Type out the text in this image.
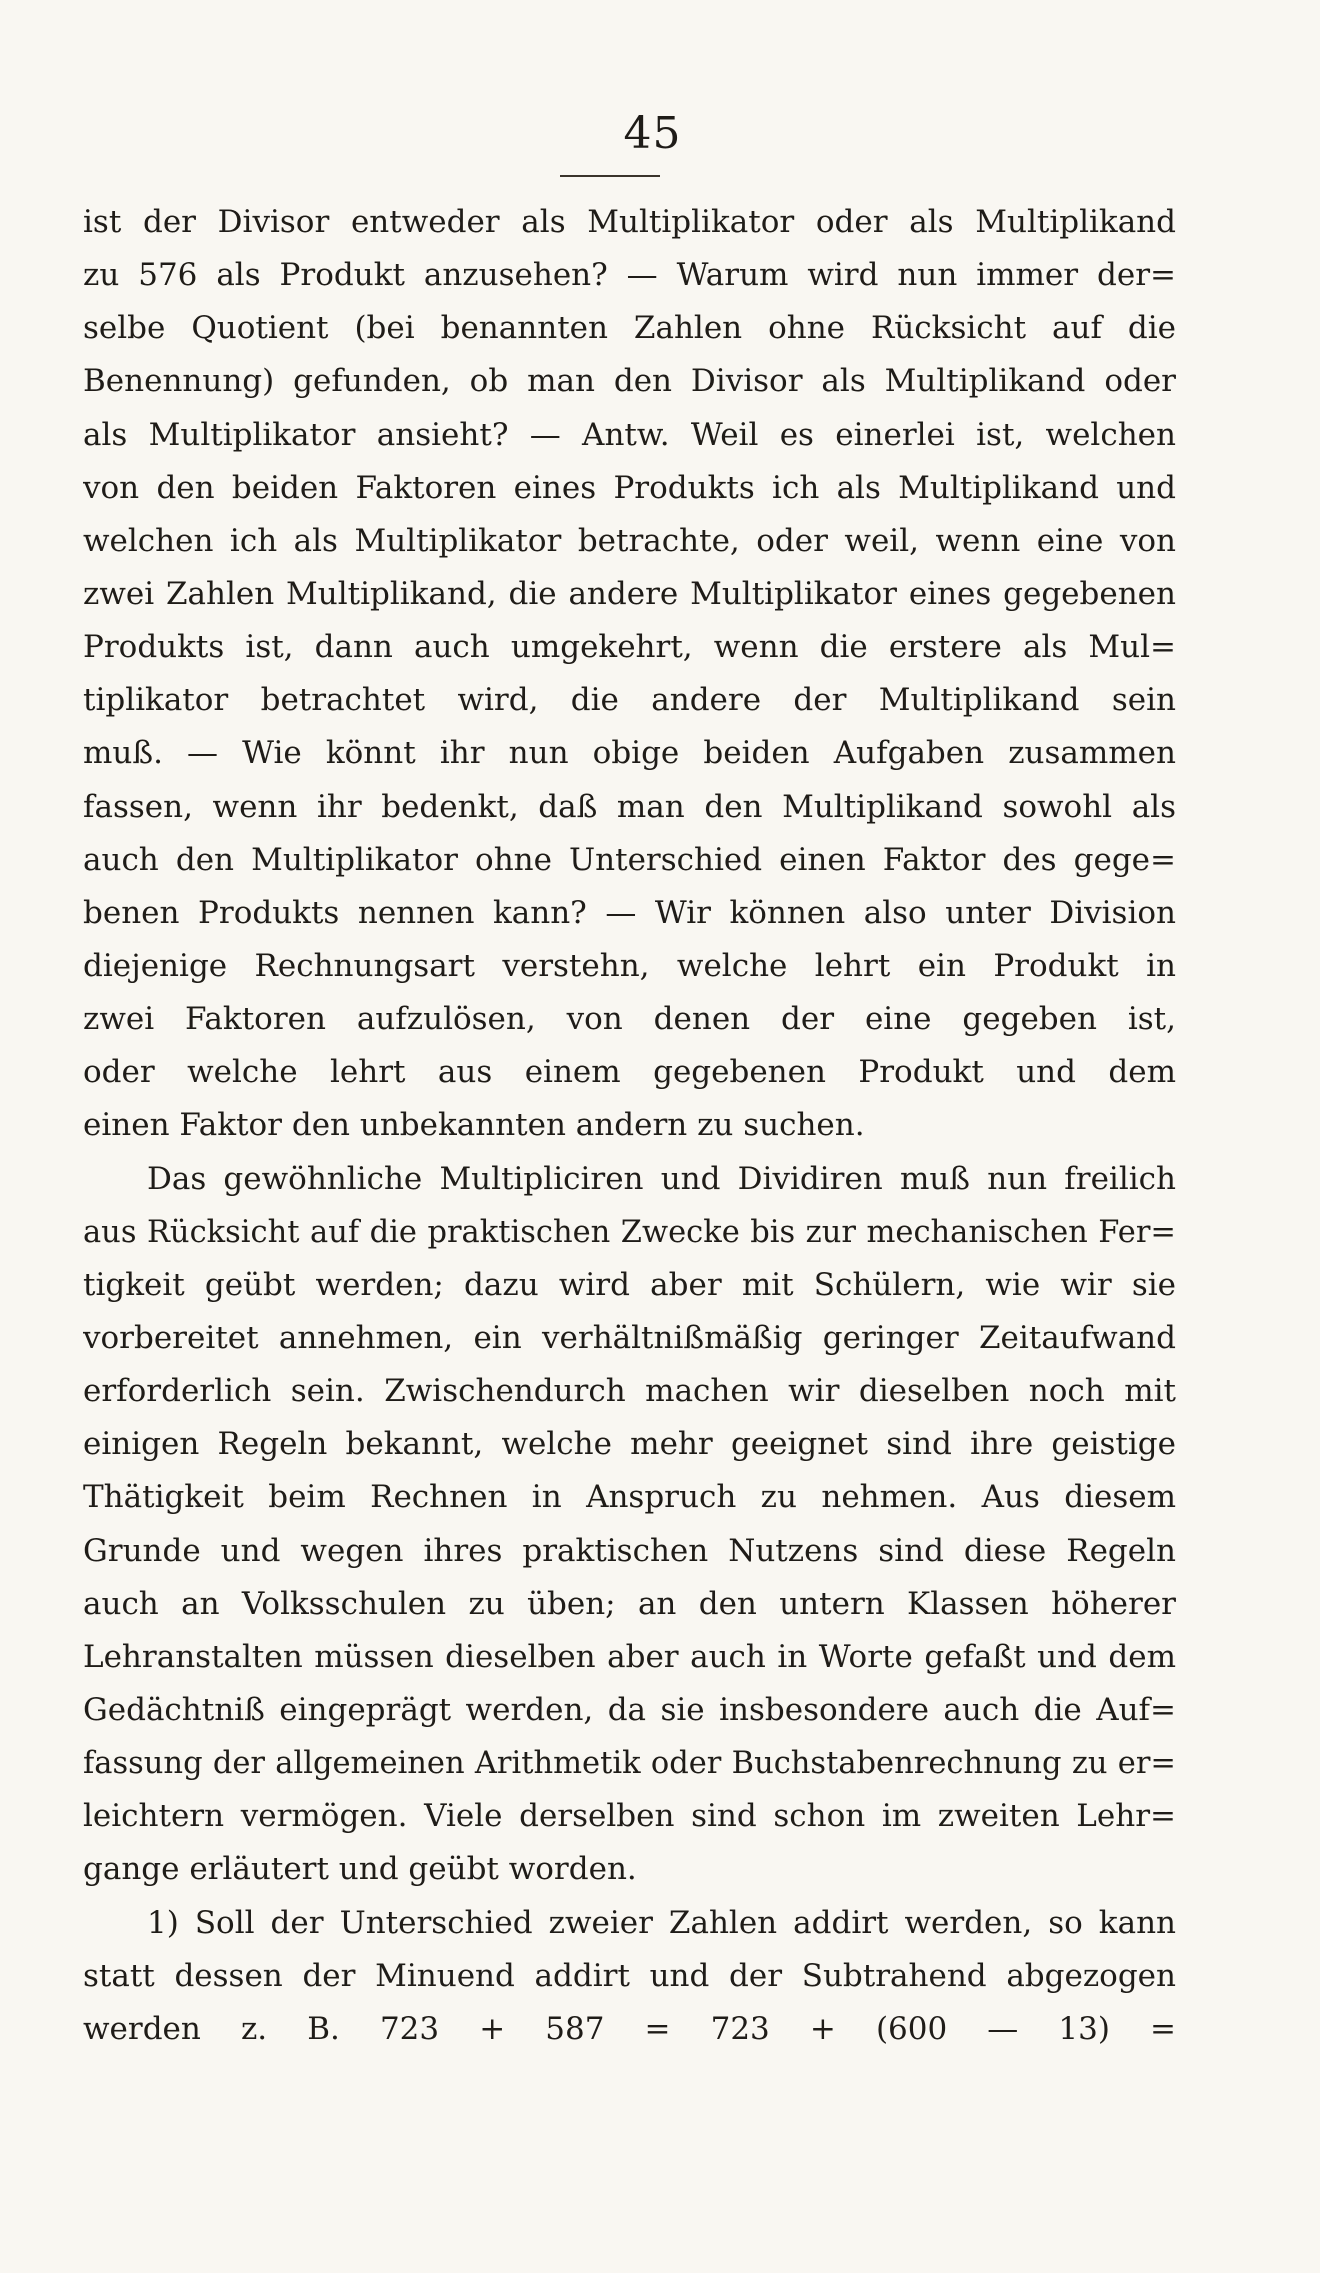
45
ist der Divisor entweder als Multiplikator oder als Multiplikand
zu 576 als Produkt anzusehen? — Warum wird nun immer der=
selbe Quotient (bei benannten Zahlen ohne Rücksicht auf die
Benennung) gefunden, ob man den Divisor als Multiplikand oder
als Multiplikator ansieht? — Antw. Weil es einerlei ist, welchen
von den beiden Faktoren eines Produkts ich als Multiplikand und
welchen ich als Multiplikator betrachte, oder weil, wenn eine von
zwei Zahlen Multiplikand, die andere Multiplikator eines gegebenen
Produkts ist, dann auch umgekehrt, wenn die erstere als Mul=
tiplikator betrachtet wird, die andere der Multiplikand sein
muß. — Wie könnt ihr nun obige beiden Aufgaben zusammen
fassen, wenn ihr bedenkt, daß man den Multiplikand sowohl als
auch den Multiplikator ohne Unterschied einen Faktor des gege=
benen Produkts nennen kann? — Wir können also unter Division
diejenige Rechnungsart verstehn, welche lehrt ein Produkt in
zwei Faktoren aufzulösen, von denen der eine gegeben ist,
oder welche lehrt aus einem gegebenen Produkt und dem
einen Faktor den unbekannten andern zu suchen.
Das gewöhnliche Multipliciren und Dividiren muß nun freilich
aus Rücksicht auf die praktischen Zwecke bis zur mechanischen Fer=
tigkeit geübt werden; dazu wird aber mit Schülern, wie wir sie
vorbereitet annehmen, ein verhältnißmäßig geringer Zeitaufwand
erforderlich sein. Zwischendurch machen wir dieselben noch mit
einigen Regeln bekannt, welche mehr geeignet sind ihre geistige
Thätigkeit beim Rechnen in Anspruch zu nehmen. Aus diesem
Grunde und wegen ihres praktischen Nutzens sind diese Regeln
auch an Volksschulen zu üben; an den untern Klassen höherer
Lehranstalten müssen dieselben aber auch in Worte gefaßt und dem
Gedächtniß eingeprägt werden, da sie insbesondere auch die Auf=
fassung der allgemeinen Arithmetik oder Buchstabenrechnung zu er=
leichtern vermögen. Viele derselben sind schon im zweiten Lehr=
gange erläutert und geübt worden.
1) Soll der Unterschied zweier Zahlen addirt werden, so kann
statt dessen der Minuend addirt und der Subtrahend abgezogen
werden z. B. 723 + 587 = 723 + (600 — 13) =
